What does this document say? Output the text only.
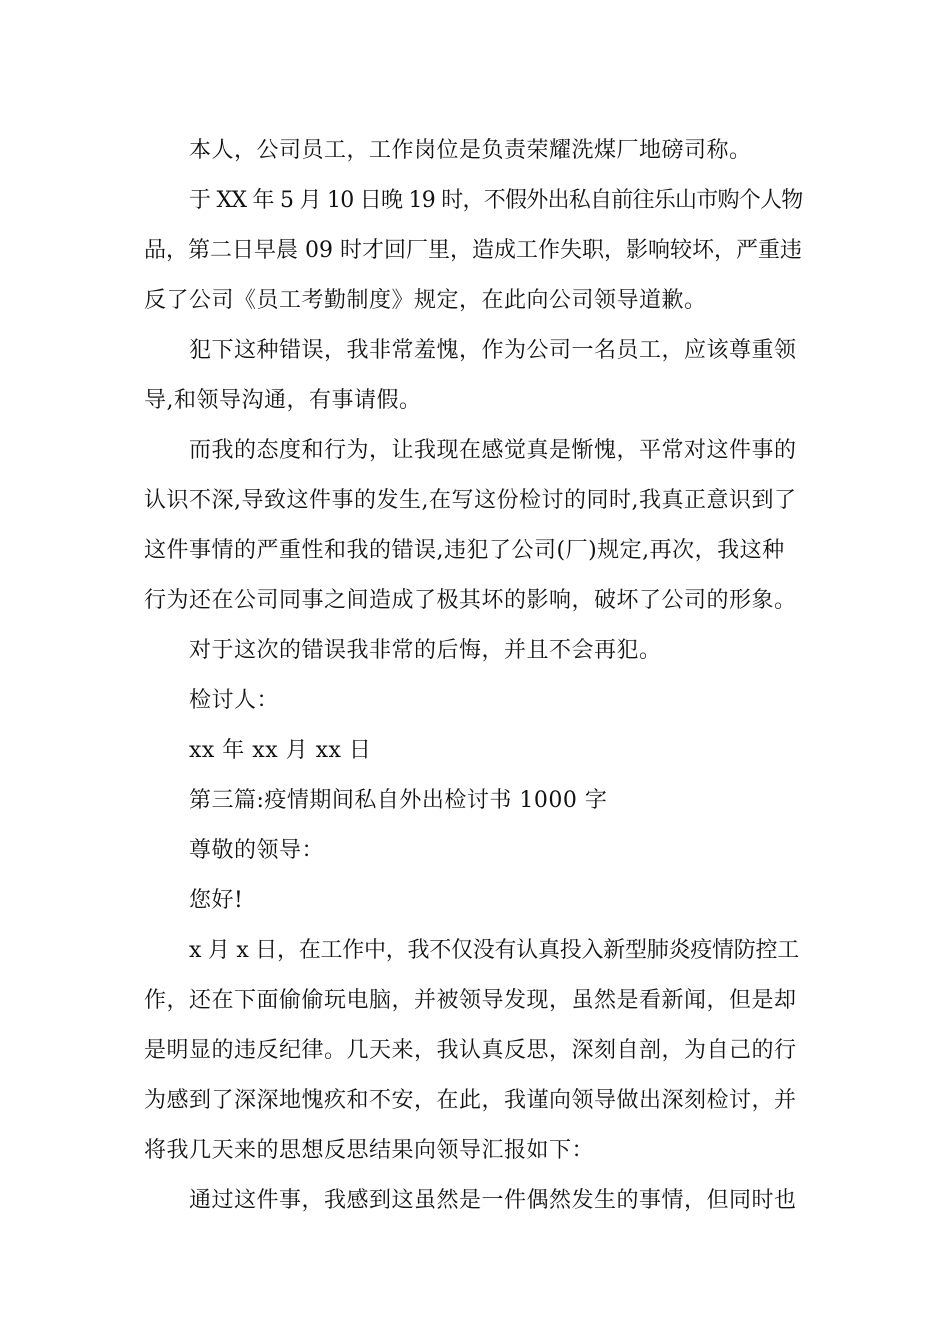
本人，公司员工，工作岗位是负责荣耀洗煤厂地磅司称。
于 XX 年 5 月 10 日晚 19 时，不假外出私自前往乐山市购个人物
品，第二日早晨 09 时才回厂里，造成工作失职，影响较坏，严重违
反了公司《员工考勤制度》规定，在此向公司领导道歉。
犯下这种错误，我非常羞愧，作为公司一名员工，应该尊重领
导,和领导沟通，有事请假。
而我的态度和行为，让我现在感觉真是惭愧，平常对这件事的
认识不深,导致这件事的发生,在写这份检讨的同时,我真正意识到了
这件事情的严重性和我的错误,违犯了公司(厂)规定,再次，我这种
行为还在公司同事之间造成了极其坏的影响，破坏了公司的形象。
对于这次的错误我非常的后悔，并且不会再犯。
检讨人：
xx 年 xx 月 xx 日
第三篇:疫情期间私自外出检讨书 1000 字
尊敬的领导：
您好!
x 月 x 日，在工作中，我不仅没有认真投入新型肺炎疫情防控工
作，还在下面偷偷玩电脑，并被领导发现，虽然是看新闻，但是却
是明显的违反纪律。几天来，我认真反思，深刻自剖，为自己的行
为感到了深深地愧疚和不安，在此，我谨向领导做出深刻检讨，并
将我几天来的思想反思结果向领导汇报如下：
通过这件事，我感到这虽然是一件偶然发生的事情，但同时也
